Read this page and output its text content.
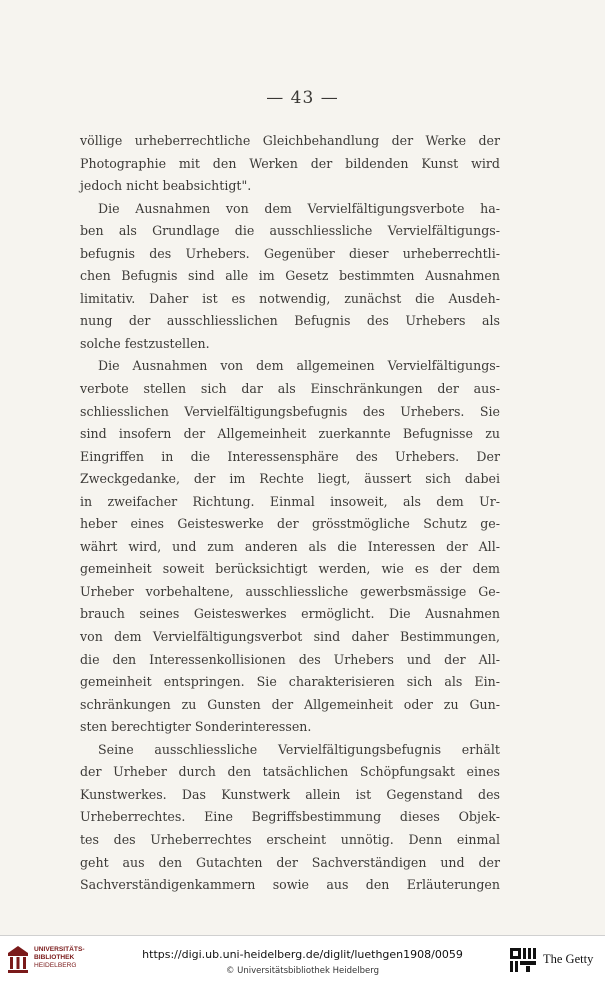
— 43 —
völlige urheberrechtliche Gleichbehandlung der Werke der
Photographie mit den Werken der bildenden Kunst wird
jedoch nicht beabsichtigt".
Die Ausnahmen von dem Vervielfältigungsverbote ha-
ben als Grundlage die ausschliessliche Vervielfältigungs-
befugnis des Urhebers. Gegenüber dieser urheberrechtli-
chen Befugnis sind alle im Gesetz bestimmten Ausnahmen
limitativ. Daher ist es notwendig, zunächst die Ausdeh-
nung der ausschliesslichen Befugnis des Urhebers als
solche festzustellen.
Die Ausnahmen von dem allgemeinen Vervielfältigungs-
verbote stellen sich dar als Einschränkungen der aus-
schliesslichen Vervielfältigungsbefugnis des Urhebers. Sie
sind insofern der Allgemeinheit zuerkannte Befugnisse zu
Eingriffen in die Interessensphäre des Urhebers. Der
Zweckgedanke, der im Rechte liegt, äussert sich dabei
in zweifacher Richtung. Einmal insoweit, als dem Ur-
heber eines Geisteswerke der grösstmögliche Schutz ge-
währt wird, und zum anderen als die Interessen der All-
gemeinheit soweit berücksichtigt werden, wie es der dem
Urheber vorbehaltene, ausschliessliche gewerbsmässige Ge-
brauch seines Geisteswerkes ermöglicht. Die Ausnahmen
von dem Vervielfältigungsverbot sind daher Bestimmungen,
die den Interessenkollisionen des Urhebers und der All-
gemeinheit entspringen. Sie charakterisieren sich als Ein-
schränkungen zu Gunsten der Allgemeinheit oder zu Gun-
sten berechtigter Sonderinteressen.
Seine ausschliessliche Vervielfältigungsbefugnis erhält
der Urheber durch den tatsächlichen Schöpfungsakt eines
Kunstwerkes. Das Kunstwerk allein ist Gegenstand des
Urheberrechtes. Eine Begriffsbestimmung dieses Objek-
tes des Urheberrechtes erscheint unnötig. Denn einmal
geht aus den Gutachten der Sachverständigen und der
Sachverständigenkammern sowie aus den Erläuterungen
UNIVERSITÄTS-
BIBLIOTHEK
HEIDELBERG
https://digi.ub.uni-heidelberg.de/diglit/luethgen1908/0059
© Universitätsbibliothek Heidelberg
The Getty
